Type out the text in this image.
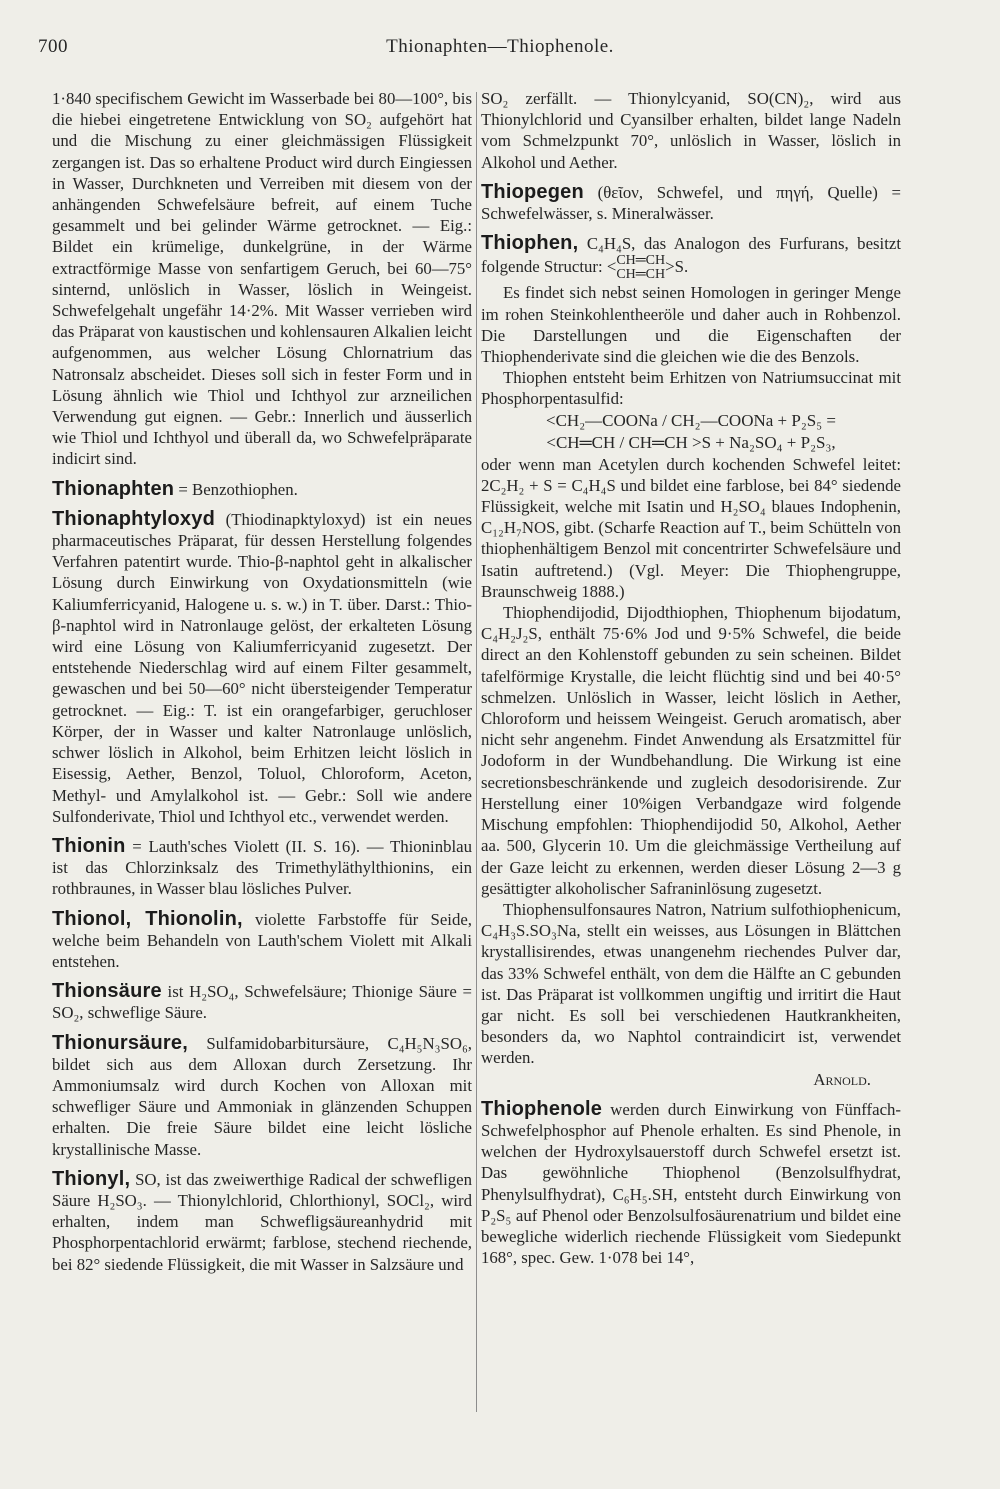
700	Thionaphten—Thiophenole.

1·840 specifischem Gewicht im Wasserbade bei 80—100°, bis die hiebei eingetretene Entwicklung von SO₂ aufgehört hat und die Mischung zu einer gleichmässigen Flüssigkeit zergangen ist. Das so erhaltene Product wird durch Eingiessen in Wasser, Durchkneten und Verreiben mit diesem von der anhängenden Schwefelsäure befreit, auf einem Tuche gesammelt und bei gelinder Wärme getrocknet. — Eig.: Bildet ein krümelige, dunkelgrüne, in der Wärme extractförmige Masse von senfartigem Geruch, bei 60—75° sinternd, unlöslich in Wasser, löslich in Weingeist. Schwefelgehalt ungefähr 14·2%. Mit Wasser verrieben wird das Präparat von kaustischen und kohlensauren Alkalien leicht aufgenommen, aus welcher Lösung Chlornatrium das Natronsalz abscheidet. Dieses soll sich in fester Form und in Lösung ähnlich wie Thiol und Ichthyol zur arzneilichen Verwendung gut eignen. — Gebr.: Innerlich und äusserlich wie Thiol und Ichthyol und überall da, wo Schwefelpräparate indicirt sind.

Thionaphten = Benzothiophen.

Thionaphtyloxyd (Thiodinapktyloxyd) ist ein neues pharmaceutisches Präparat, für dessen Herstellung folgendes Verfahren patentirt wurde. Thio-β-naphtol geht in alkalischer Lösung durch Einwirkung von Oxydationsmitteln (wie Kaliumferricyanid, Halogene u. s. w.) in T. über. Darst.: Thio-β-naphtol wird in Natronlauge gelöst, der erkalteten Lösung wird eine Lösung von Kaliumferricyanid zugesetzt. Der entstehende Niederschlag wird auf einem Filter gesammelt, gewaschen und bei 50—60° nicht übersteigender Temperatur getrocknet. — Eig.: T. ist ein orangefarbiger, geruchloser Körper, der in Wasser und kalter Natronlauge unlöslich, schwer löslich in Alkohol, beim Erhitzen leicht löslich in Eisessig, Aether, Benzol, Toluol, Chloroform, Aceton, Methyl- und Amylalkohol ist. — Gebr.: Soll wie andere Sulfonderivate, Thiol und Ichthyol etc., verwendet werden.

Thionin = Lauth'sches Violett (II. S. 16). — Thioninblau ist das Chlorzinksalz des Trimethyläthylthionins, ein rothbraunes, in Wasser blau lösliches Pulver.

Thionol, Thionolin, violette Farbstoffe für Seide, welche beim Behandeln von Lauth'schem Violett mit Alkali entstehen.

Thionsäure ist H₂SO₄, Schwefelsäure; Thionige Säure = SO₂, schweflige Säure.

Thionursäure, Sulfamidobarbitursäure, C₄H₅N₃SO₆, bildet sich aus dem Alloxan durch Zersetzung. Ihr Ammoniumsalz wird durch Kochen von Alloxan mit schwefliger Säure und Ammoniak in glänzenden Schuppen erhalten. Die freie Säure bildet eine leicht lösliche krystallinische Masse.

Thionyl, SO, ist das zweiwerthige Radical der schwefligen Säure H₂SO₃. — Thionylchlorid, Chlorthionyl, SOCl₂, wird erhalten, indem man Schwefligsäureanhydrid mit Phosphorpentachlorid erwärmt; farblose, stechend riechende, bei 82° siedende Flüssigkeit, die mit Wasser in Salzsäure und

SO₂ zerfällt. — Thionylcyanid, SO(CN)₂, wird aus Thionylchlorid und Cyansilber erhalten, bildet lange Nadeln vom Schmelzpunkt 70°, unlöslich in Wasser, löslich in Alkohol und Aether.

Thiopegen (θεῖον, Schwefel, und πηγή, Quelle) = Schwefelwässer, s. Mineralwässer.

Thiophen, C₄H₄S, das Analogon des Furfurans, besitzt folgende Structur: <CH═CH
CH═CH>S.

Es findet sich nebst seinen Homologen in geringer Menge im rohen Steinkohlentheeröle und daher auch in Rohbenzol. Die Darstellungen und die Eigenschaften der Thiophenderivate sind die gleichen wie die des Benzols.

Thiophen entsteht beim Erhitzen von Natriumsuccinat mit Phosphorpentasulfid:

<CH₂—COONa / CH₂—COONa + P₂S₅ =
<CH═CH / CH═CH >S + Na₂SO₄ + P₂S₃,

oder wenn man Acetylen durch kochenden Schwefel leitet: 2C₂H₂ + S = C₄H₄S und bildet eine farblose, bei 84° siedende Flüssigkeit, welche mit Isatin und H₂SO₄ blaues Indophenin, C₁₂H₇NOS, gibt. (Scharfe Reaction auf T., beim Schütteln von thiophenhältigem Benzol mit concentrirter Schwefelsäure und Isatin auftretend.) (Vgl. Meyer: Die Thiophengruppe, Braunschweig 1888.)

Thiophendijodid, Dijodthiophen, Thiophenum bijodatum, C₄H₂J₂S, enthält 75·6% Jod und 9·5% Schwefel, die beide direct an den Kohlenstoff gebunden zu sein scheinen. Bildet tafelförmige Krystalle, die leicht flüchtig sind und bei 40·5° schmelzen. Unlöslich in Wasser, leicht löslich in Aether, Chloroform und heissem Weingeist. Geruch aromatisch, aber nicht sehr angenehm. Findet Anwendung als Ersatzmittel für Jodoform in der Wundbehandlung. Die Wirkung ist eine secretionsbeschränkende und zugleich desodorisirende. Zur Herstellung einer 10%igen Verbandgaze wird folgende Mischung empfohlen: Thiophendijodid 50, Alkohol, Aether aa. 500, Glycerin 10. Um die gleichmässige Vertheilung auf der Gaze leicht zu erkennen, werden dieser Lösung 2—3 g gesättigter alkoholischer Safraninlösung zugesetzt.

Thiophensulfonsaures Natron, Natrium sulfothiophenicum, C₄H₃S.SO₃Na, stellt ein weisses, aus Lösungen in Blättchen krystallisirendes, etwas unangenehm riechendes Pulver dar, das 33% Schwefel enthält, von dem die Hälfte an C gebunden ist. Das Präparat ist vollkommen ungiftig und irritirt die Haut gar nicht. Es soll bei verschiedenen Hautkrankheiten, besonders da, wo Naphtol contraindicirt ist, verwendet werden.

Arnold.

Thiophenole werden durch Einwirkung von Fünffach-Schwefelphosphor auf Phenole erhalten. Es sind Phenole, in welchen der Hydroxylsauerstoff durch Schwefel ersetzt ist. Das gewöhnliche Thiophenol (Benzolsulfhydrat, Phenylsulfhydrat), C₆H₅.SH, entsteht durch Einwirkung von P₂S₅ auf Phenol oder Benzolsulfosäurenatrium und bildet eine bewegliche widerlich riechende Flüssigkeit vom Siedepunkt 168°, spec. Gew. 1·078 bei 14°,
